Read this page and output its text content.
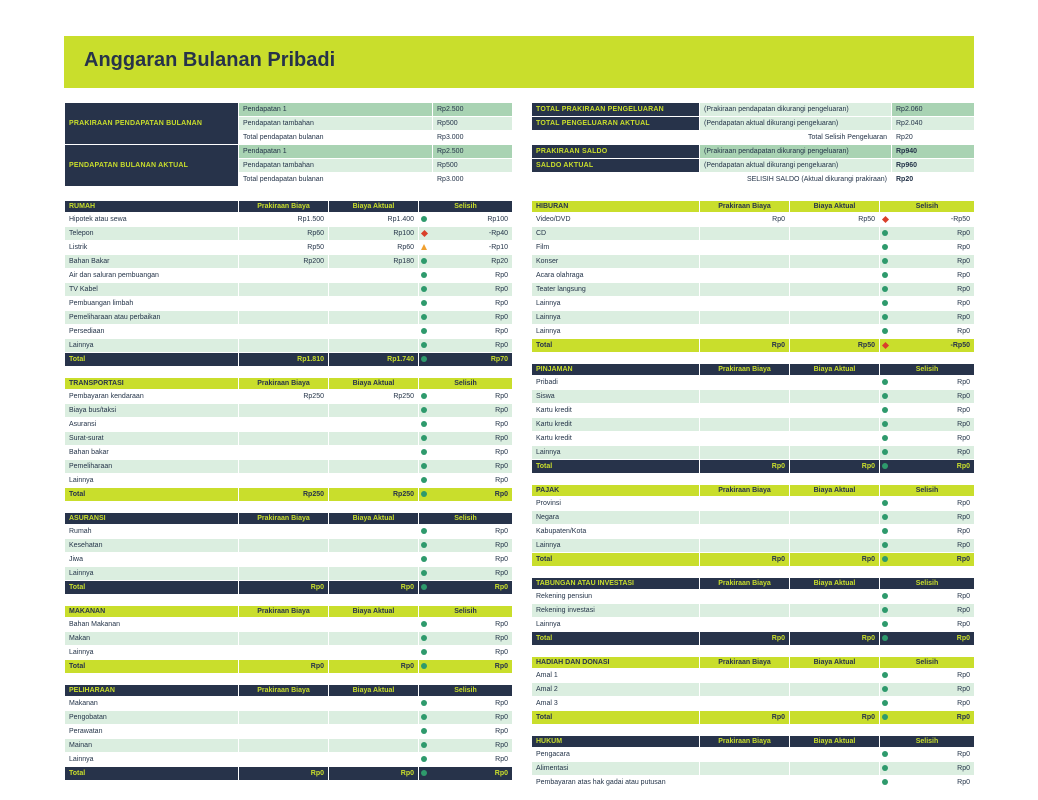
Anggaran Bulanan Pribadi
PRAKIRAAN PENDAPATAN BULANAN	Pendapatan 1	Rp2.500
	Pendapatan tambahan	Rp500
	Total pendapatan bulanan	Rp3.000
PENDAPATAN BULANAN AKTUAL	Pendapatan 1	Rp2.500
	Pendapatan tambahan	Rp500
	Total pendapatan bulanan	Rp3.000
RUMAH	Prakiraan Biaya	Biaya Aktual	Selisih
Hipotek atau sewa	Rp1.500	Rp1.400	Rp100
Telepon	Rp60	Rp100	-Rp40
Listrik	Rp50	Rp60	-Rp10
Bahan Bakar	Rp200	Rp180	Rp20
Air dan saluran pembuangan			Rp0
TV Kabel			Rp0
Pembuangan limbah			Rp0
Pemeliharaan atau perbaikan			Rp0
Persediaan			Rp0
Lainnya			Rp0
Total	Rp1.810	Rp1.740	Rp70
TRANSPORTASI	Prakiraan Biaya	Biaya Aktual	Selisih
Pembayaran kendaraan	Rp250	Rp250	Rp0
Biaya bus/taksi			Rp0
Asuransi			Rp0
Surat-surat			Rp0
Bahan bakar			Rp0
Pemeliharaan			Rp0
Lainnya			Rp0
Total	Rp250	Rp250	Rp0
ASURANSI	Prakiraan Biaya	Biaya Aktual	Selisih
Rumah			Rp0
Kesehatan			Rp0
Jiwa			Rp0
Lainnya			Rp0
Total	Rp0	Rp0	Rp0
MAKANAN	Prakiraan Biaya	Biaya Aktual	Selisih
Bahan Makanan			Rp0
Makan			Rp0
Lainnya			Rp0
Total	Rp0	Rp0	Rp0
PELIHARAAN	Prakiraan Biaya	Biaya Aktual	Selisih
Makanan			Rp0
Pengobatan			Rp0
Perawatan			Rp0
Mainan			Rp0
Lainnya			Rp0
Total	Rp0	Rp0	Rp0
TOTAL PRAKIRAAN PENGELUARAN	(Prakiraan pendapatan dikurangi pengeluaran)	Rp2.060
TOTAL PENGELUARAN AKTUAL	(Pendapatan aktual dikurangi pengeluaran)	Rp2.040
Total Selisih Pengeluaran		Rp20
PRAKIRAAN SALDO	(Prakiraan pendapatan dikurangi pengeluaran)	Rp940
SALDO AKTUAL	(Pendapatan aktual dikurangi pengeluaran)	Rp960
SELISIH SALDO (Aktual dikurangi prakiraan)		Rp20
HIBURAN	Prakiraan Biaya	Biaya Aktual	Selisih
Video/DVD	Rp0	Rp50	-Rp50
CD			Rp0
Film			Rp0
Konser			Rp0
Acara olahraga			Rp0
Teater langsung			Rp0
Lainnya			Rp0
Lainnya			Rp0
Lainnya			Rp0
Total	Rp0	Rp50	-Rp50
PINJAMAN	Prakiraan Biaya	Biaya Aktual	Selisih
Pribadi			Rp0
Siswa			Rp0
Kartu kredit			Rp0
Kartu kredit			Rp0
Kartu kredit			Rp0
Lainnya			Rp0
Total	Rp0	Rp0	Rp0
PAJAK	Prakiraan Biaya	Biaya Aktual	Selisih
Provinsi			Rp0
Negara			Rp0
Kabupaten/Kota			Rp0
Lainnya			Rp0
Total	Rp0	Rp0	Rp0
TABUNGAN ATAU INVESTASI	Prakiraan Biaya	Biaya Aktual	Selisih
Rekening pensiun			Rp0
Rekening investasi			Rp0
Lainnya			Rp0
Total	Rp0	Rp0	Rp0
HADIAH DAN DONASI	Prakiraan Biaya	Biaya Aktual	Selisih
Amal 1			Rp0
Amal 2			Rp0
Amal 3			Rp0
Total	Rp0	Rp0	Rp0
HUKUM	Prakiraan Biaya	Biaya Aktual	Selisih
Pengacara			Rp0
Alimentasi			Rp0
Pembayaran atas hak gadai atau putusan			Rp0
